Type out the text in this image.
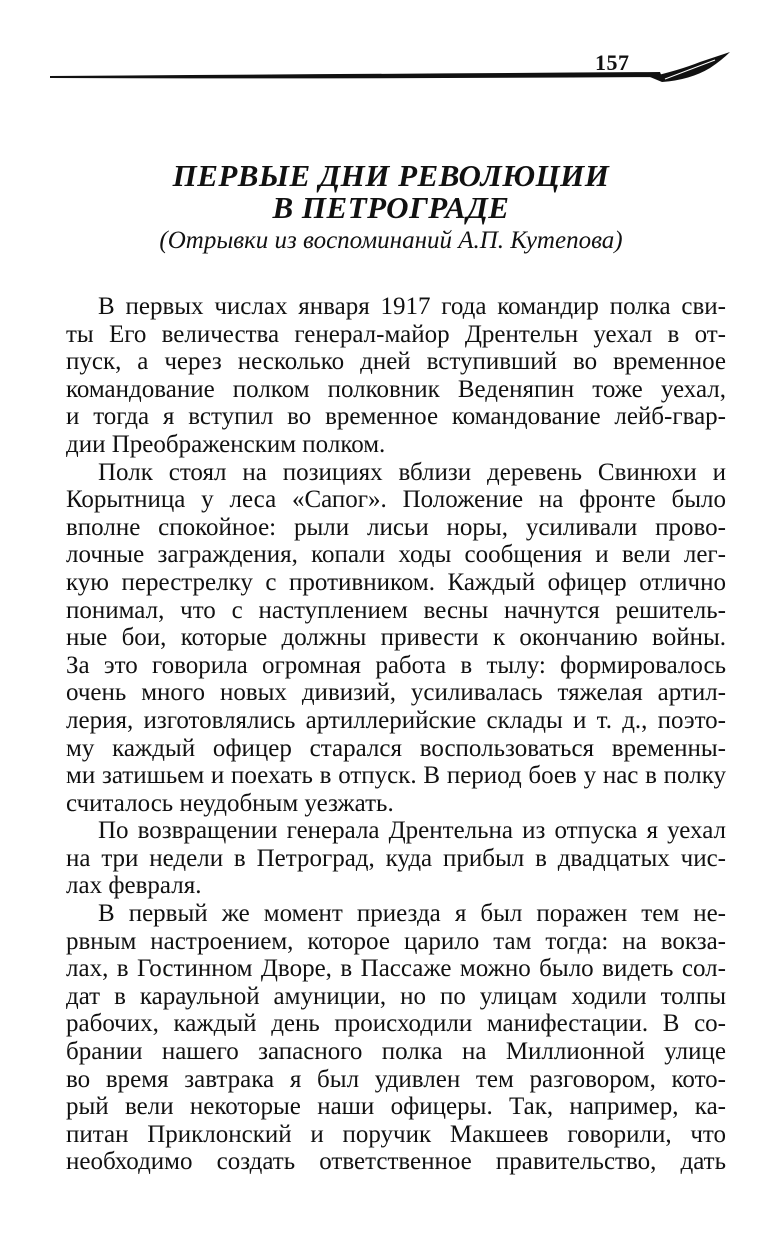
157

ПЕРВЫЕ ДНИ РЕВОЛЮЦИИ

В ПЕТРОГРАДЕ

(Отрывки из воспоминаний А.П. Кутепова)

В первых числах января 1917 года командир полка сви-
ты Его величества генерал-майор Дрентельн уехал в от-
пуск, а через несколько дней вступивший во временное
командование полком полковник Веденяпин тоже уехал,
и тогда я вступил во временное командование лейб-гвар-
дии Преображенским полком.
Полк стоял на позициях вблизи деревень Свинюхи и
Корытница у леса «Сапог». Положение на фронте было
вполне спокойное: рыли лисьи норы, усиливали прово-
лочные заграждения, копали ходы сообщения и вели лег-
кую перестрелку с противником. Каждый офицер отлично
понимал, что с наступлением весны начнутся решитель-
ные бои, которые должны привести к окончанию войны.
За это говорила огромная работа в тылу: формировалось
очень много новых дивизий, усиливалась тяжелая артил-
лерия, изготовлялись артиллерийские склады и т. д., поэто-
му каждый офицер старался воспользоваться временны-
ми затишьем и поехать в отпуск. В период боев у нас в полку
считалось неудобным уезжать.
По возвращении генерала Дрентельна из отпуска я уехал
на три недели в Петроград, куда прибыл в двадцатых чис-
лах февраля.
В первый же момент приезда я был поражен тем не-
рвным настроением, которое царило там тогда: на вокза-
лах, в Гостинном Дворе, в Пассаже можно было видеть сол-
дат в караульной амуниции, но по улицам ходили толпы
рабочих, каждый день происходили манифестации. В со-
брании нашего запасного полка на Миллионной улице
во время завтрака я был удивлен тем разговором, кото-
рый вели некоторые наши офицеры. Так, например, ка-
питан Приклонский и поручик Макшеев говорили, что
необходимо создать ответственное правительство, дать
